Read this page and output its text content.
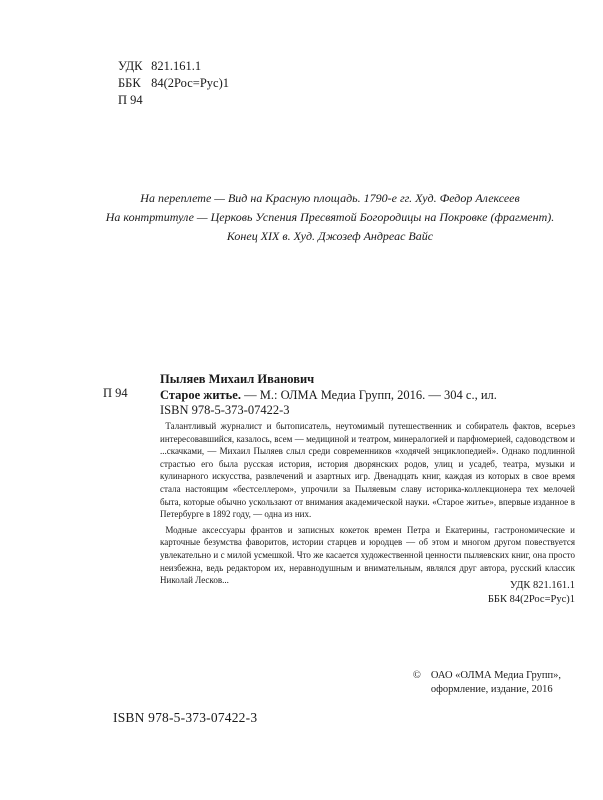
УДК 821.161.1
ББК 84(2Рос=Рус)1
П 94
На переплете — Вид на Красную площадь. 1790-е гг. Худ. Федор Алексеев
На контртитуле — Церковь Успения Пресвятой Богородицы на Покровке (фрагмент).
Конец XIX в. Худ. Джозеф Андреас Вайс
П 94
Пыляев Михаил Иванович
Старое житье. — М.: ОЛМА Медиа Групп, 2016. — 304 с., ил.
ISBN 978-5-373-07422-3

Талантливый журналист и бытописатель, неутомимый путешественник и собиратель фактов, всерьез интересовавшийся, казалось, всем — медициной и театром, минералогией и парфюмерией, садоводством и ...скачками, — Михаил Пыляев слыл среди современников «ходячей энциклопедией». Однако подлинной страстью его была русская история, история дворянских родов, улиц и усадеб, театра, музыки и кулинарного искусства, развлечений и азартных игр. Двенадцать книг, каждая из которых в свое время стала настоящим «бестселлером», упрочили за Пыляевым славу историка-коллекционера тех мелочей быта, которые обычно ускользают от внимания академической науки. «Старое житье», впервые изданное в Петербурге в 1892 году, — одна из них.

Модные аксессуары франтов и записных кокеток времен Петра и Екатерины, гастрономические и карточные безумства фаворитов, истории старцев и юродцев — об этом и многом другом повествуется увлекательно и с милой усмешкой. Что же касается художественной ценности пыляевских книг, она просто неизбежна, ведь редактором их, неравнодушным и внимательным, являлся друг автора, русский классик Николай Лесков...	УДК 821.161.1
ББК 84(2Рос=Рус)1
© ОАО «ОЛМА Медиа Групп»,
оформление, издание, 2016
ISBN 978-5-373-07422-3
